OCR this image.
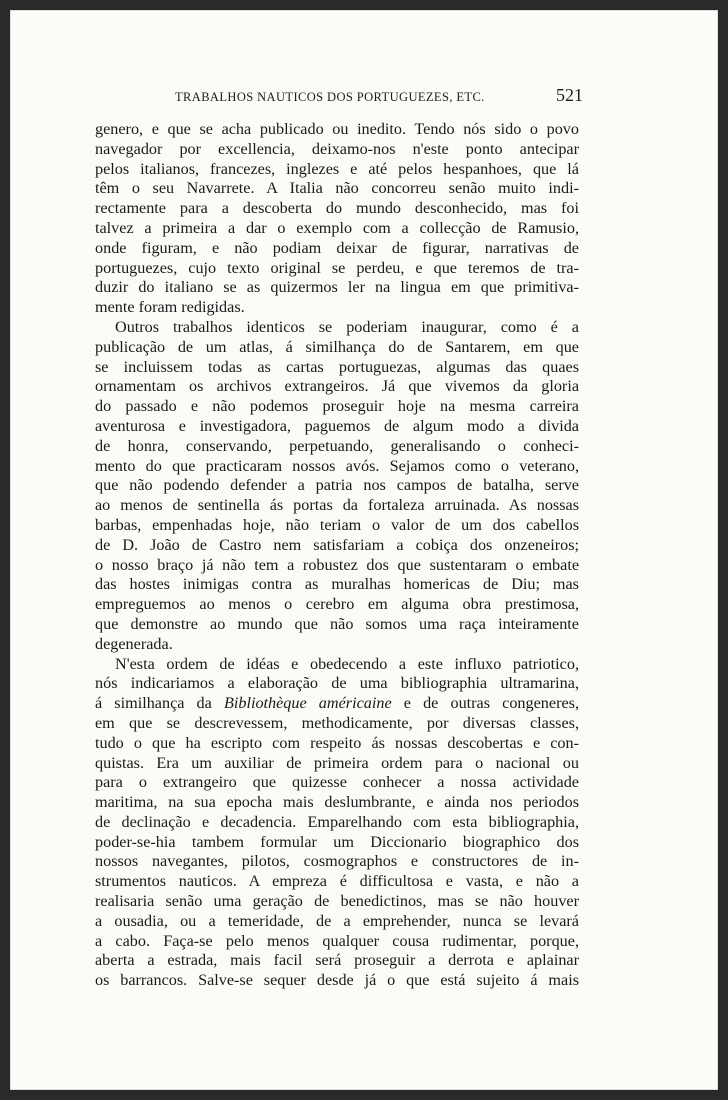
TRABALHOS NAUTICOS DOS PORTUGUEZES, ETC.	521
genero, e que se acha publicado ou inedito. Tendo nós sido o povo
navegador por excellencia, deixamo-nos n'este ponto antecipar
pelos italianos, francezes, inglezes e até pelos hespanhoes, que lá
têm o seu Navarrete. A Italia não concorreu senão muito indi-
rectamente para a descoberta do mundo desconhecido, mas foi
talvez a primeira a dar o exemplo com a collecção de Ramusio,
onde figuram, e não podiam deixar de figurar, narrativas de
portuguezes, cujo texto original se perdeu, e que teremos de tra-
duzir do italiano se as quizermos ler na lingua em que primitiva-
mente foram redigidas.
Outros trabalhos identicos se poderiam inaugurar, como é a
publicação de um atlas, á similhança do de Santarem, em que
se incluissem todas as cartas portuguezas, algumas das quaes
ornamentam os archivos extrangeiros. Já que vivemos da gloria
do passado e não podemos proseguir hoje na mesma carreira
aventurosa e investigadora, paguemos de algum modo a divida
de honra, conservando, perpetuando, generalisando o conheci-
mento do que practicaram nossos avós. Sejamos como o veterano,
que não podendo defender a patria nos campos de batalha, serve
ao menos de sentinella ás portas da fortaleza arruinada. As nossas
barbas, empenhadas hoje, não teriam o valor de um dos cabellos
de D. João de Castro nem satisfariam a cobiça dos onzeneiros;
o nosso braço já não tem a robustez dos que sustentaram o embate
das hostes inimigas contra as muralhas homericas de Diu; mas
empreguemos ao menos o cerebro em alguma obra prestimosa,
que demonstre ao mundo que não somos uma raça inteiramente
degenerada.
N'esta ordem de idéas e obedecendo a este influxo patriotico,
nós indicariamos a elaboração de uma bibliographia ultramarina,
á similhança da Bibliothèque américaine e de outras congeneres,
em que se descrevessem, methodicamente, por diversas classes,
tudo o que ha escripto com respeito ás nossas descobertas e con-
quistas. Era um auxiliar de primeira ordem para o nacional ou
para o extrangeiro que quizesse conhecer a nossa actividade
maritima, na sua epocha mais deslumbrante, e ainda nos periodos
de declinação e decadencia. Emparelhando com esta bibliographia,
poder-se-hia tambem formular um Diccionario biographico dos
nossos navegantes, pilotos, cosmographos e constructores de in-
strumentos nauticos. A empreza é difficultosa e vasta, e não a
realisaria senão uma geração de benedictinos, mas se não houver
a ousadia, ou a temeridade, de a emprehender, nunca se levará
a cabo. Faça-se pelo menos qualquer cousa rudimentar, porque,
aberta a estrada, mais facil será proseguir a derrota e aplainar
os barrancos. Salve-se sequer desde já o que está sujeito á mais
